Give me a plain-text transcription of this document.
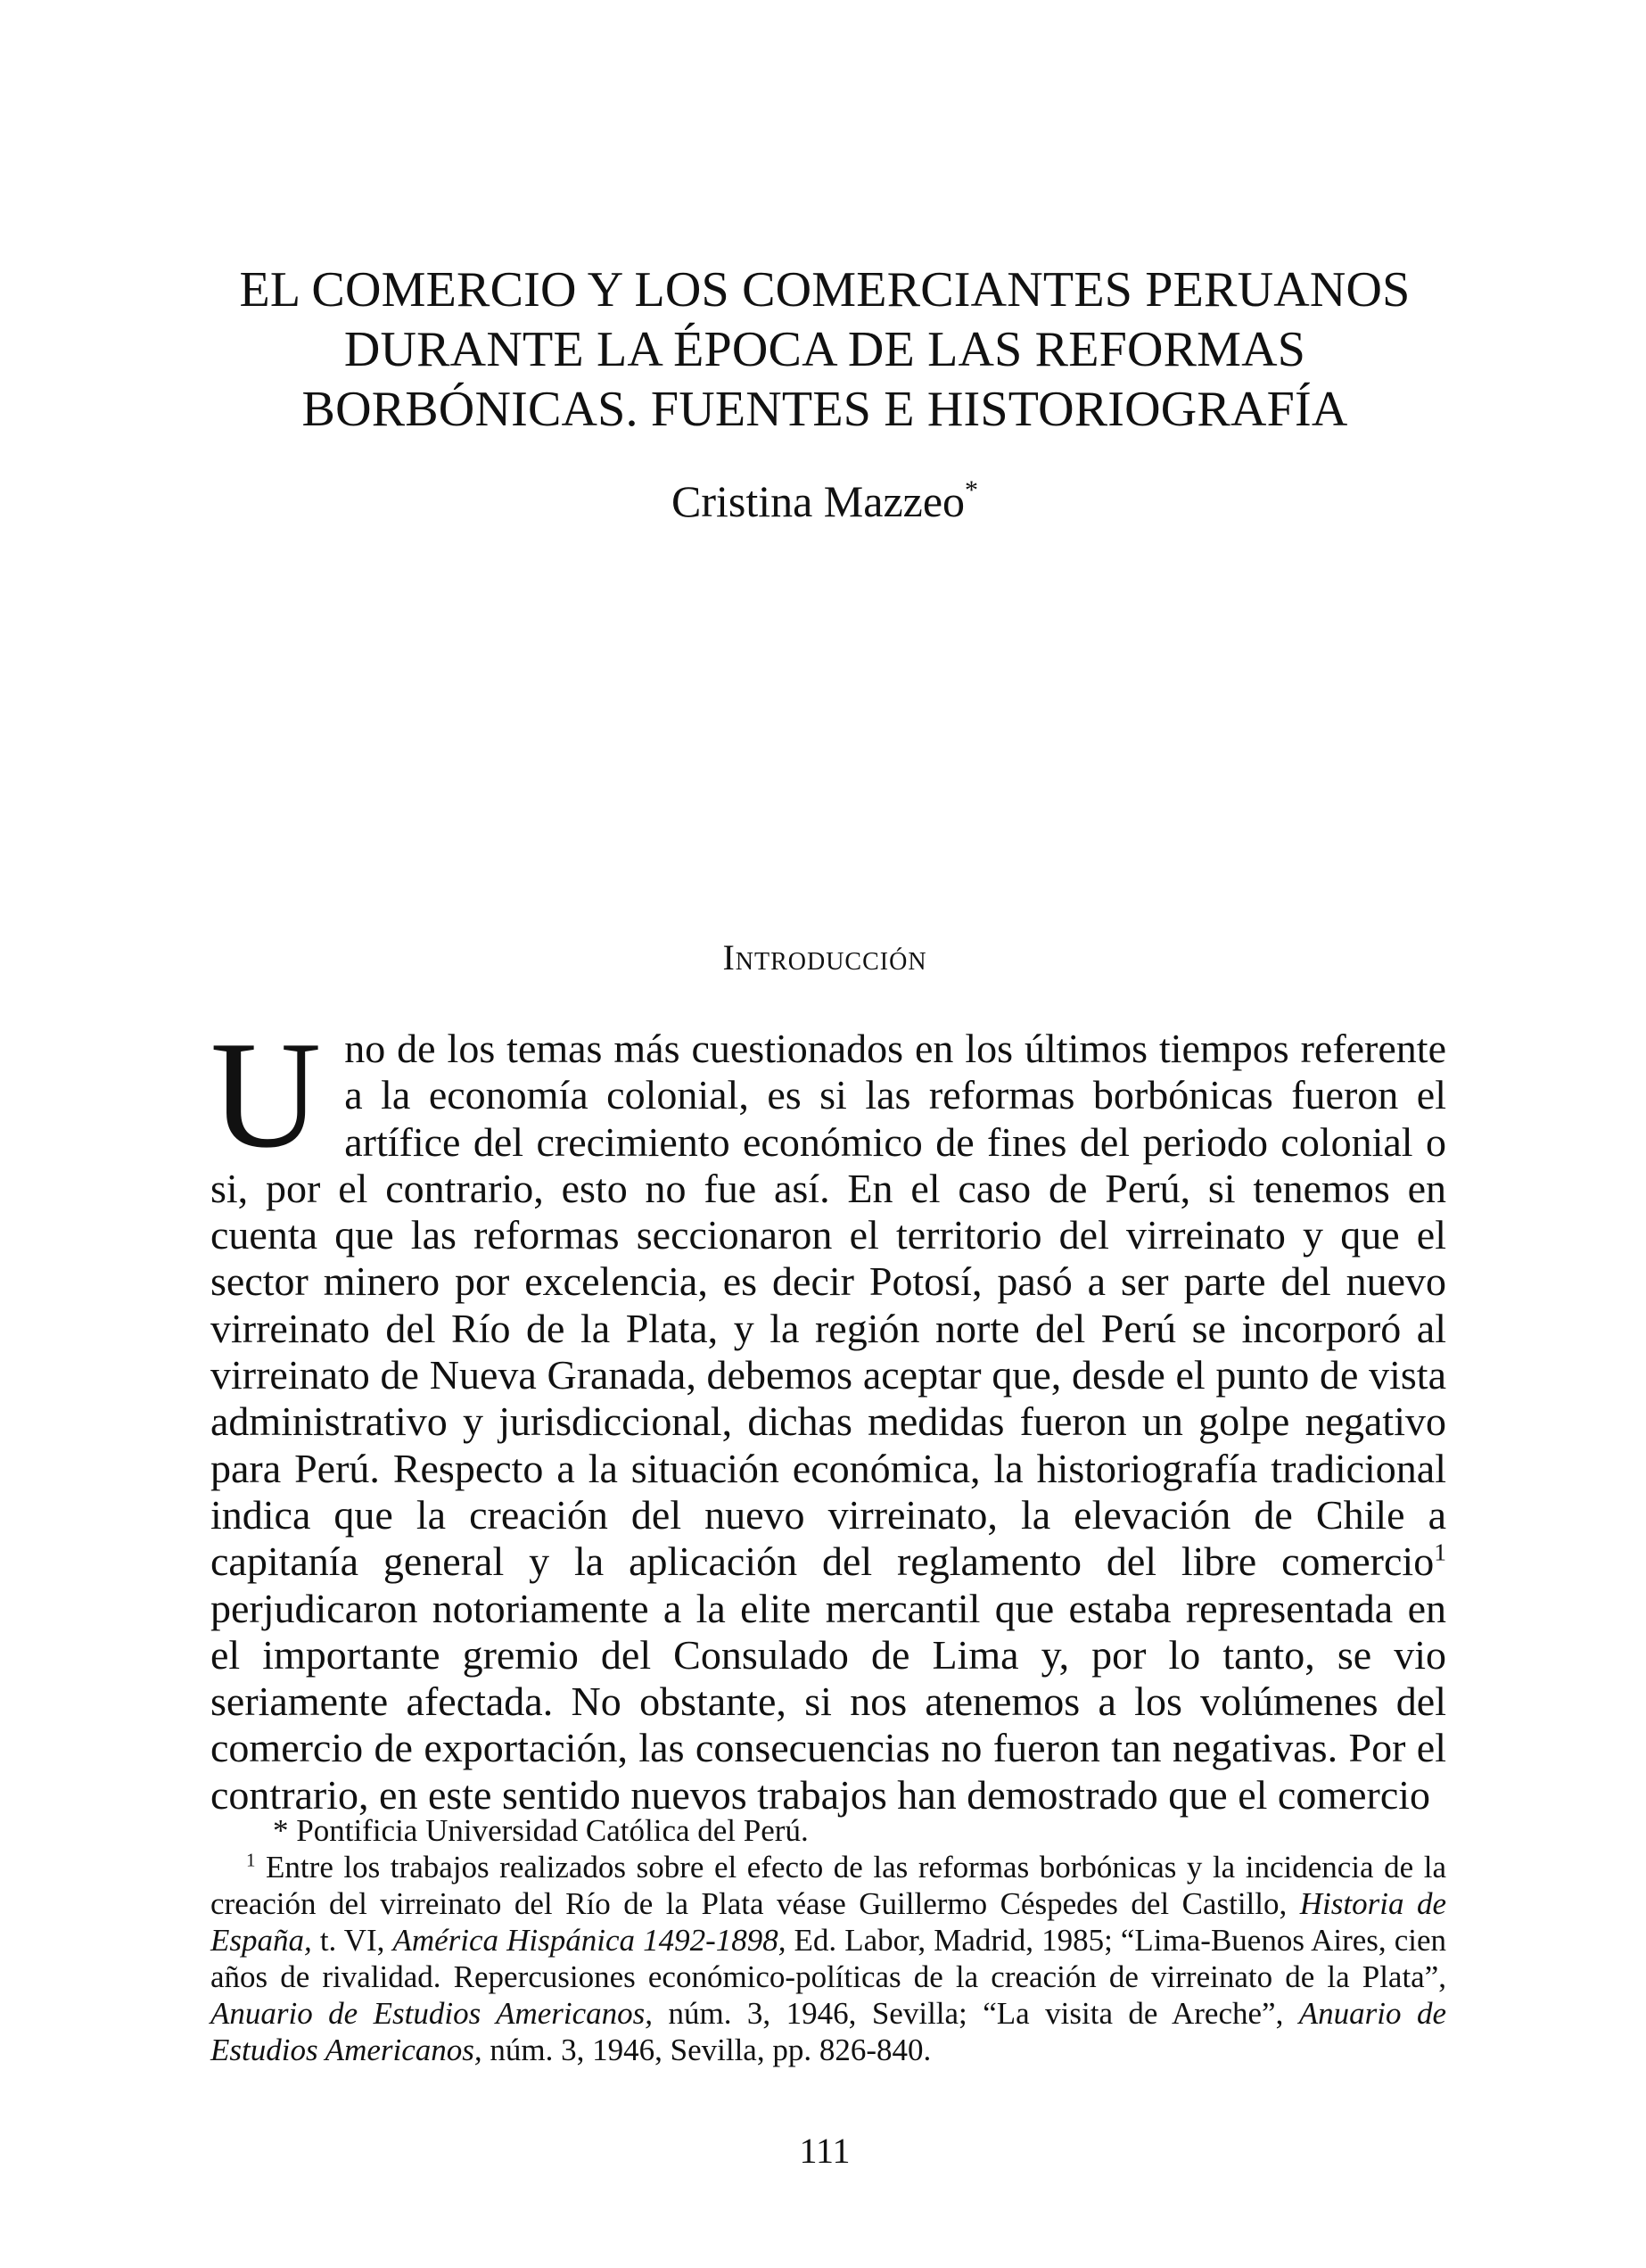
EL COMERCIO Y LOS COMERCIANTES PERUANOS
DURANTE LA ÉPOCA DE LAS REFORMAS
BORBÓNICAS. FUENTES E HISTORIOGRAFÍA
Cristina Mazzeo*
Introducción

Uno de los temas más cuestionados en los últimos tiempos referente a la economía colonial, es si las reformas borbónicas fueron el artífice del crecimiento económico de fines del periodo colonial o si, por el contrario, esto no fue así. En el caso de Perú, si tenemos en cuenta que las reformas seccionaron el territorio del virreinato y que el sector minero por excelencia, es decir Potosí, pasó a ser parte del nuevo virreinato del Río de la Plata, y la región norte del Perú se incorporó al virreinato de Nueva Granada, debemos aceptar que, desde el punto de vista administrativo y jurisdiccional, dichas medidas fueron un golpe negativo para Perú. Respecto a la situación económica, la historiografía tradicional indica que la creación del nuevo virreinato, la elevación de Chile a capitanía general y la aplicación del reglamento del libre comercio$^1$ perjudicaron notoriamente a la elite mercantil que estaba representada en el importante gremio del Consulado de Lima y, por lo tanto, se vio seriamente afectada. No obstante, si nos atenemos a los volúmenes del comercio de exportación, las consecuencias no fueron tan negativas. Por el contrario, en este sentido nuevos trabajos han demostrado que el comercio

* Pontificia Universidad Católica del Perú.

$^1$ Entre los trabajos realizados sobre el efecto de las reformas borbónicas y la incidencia de la creación del virreinato del Río de la Plata véase Guillermo Céspedes del Castillo, Historia de España, t. VI, América Hispánica 1492-1898, Ed. Labor, Madrid, 1985; “Lima-Buenos Aires, cien años de rivalidad. Repercusiones económico-políticas de la creación de virreinato de la Plata”, Anuario de Estudios Americanos, núm. 3, 1946, Sevilla; “La visita de Areche”, Anuario de Estudios Americanos, núm. 3, 1946, Sevilla, pp. 826-840.

111
